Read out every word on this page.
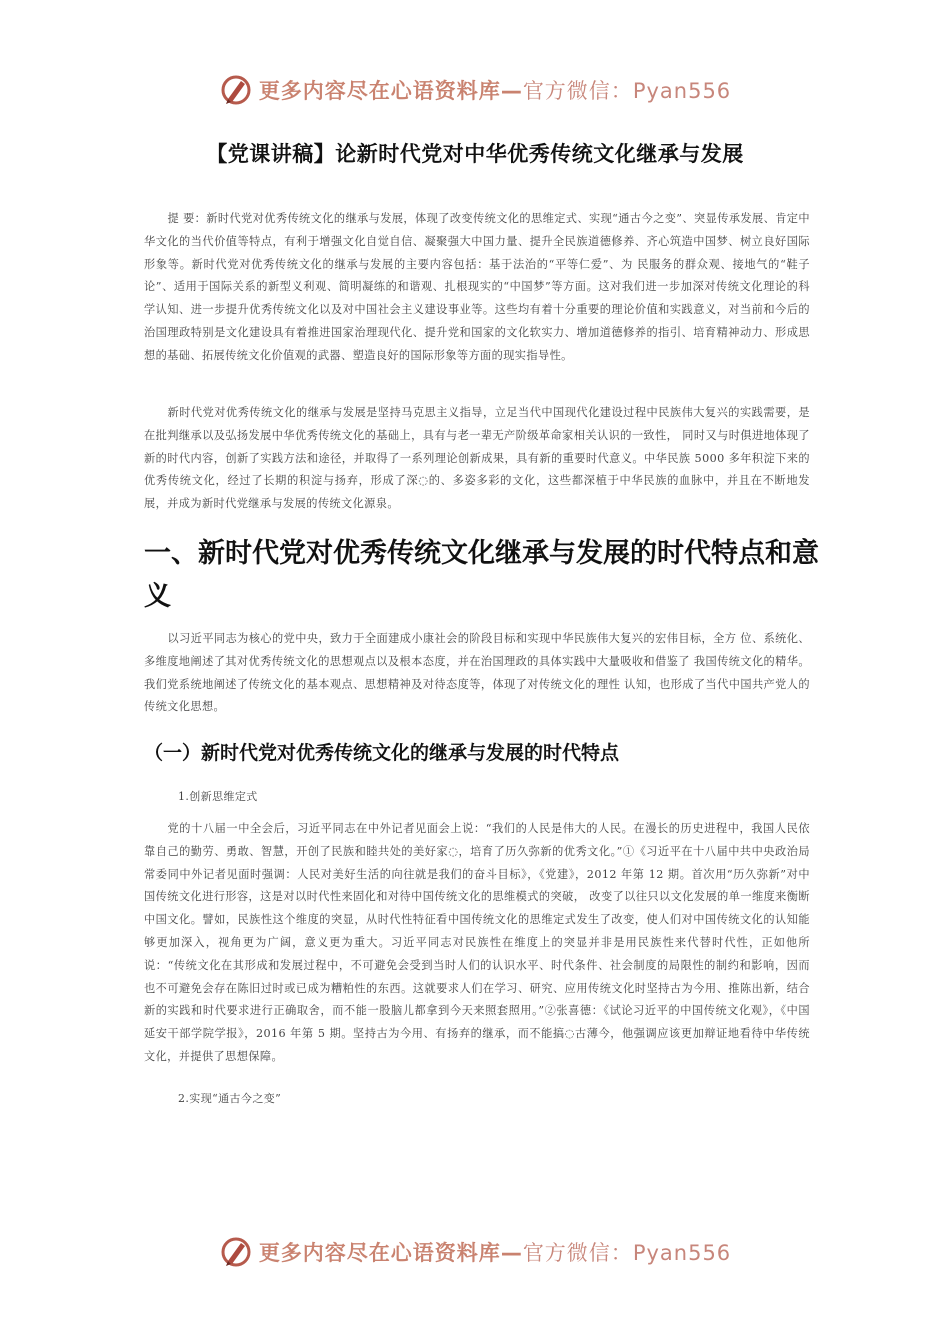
更多内容尽在心语资料库—官方微信：Pyan556
【党课讲稿】论新时代党对中华优秀传统文化继承与发展

提 要：新时代党对优秀传统文化的继承与发展，体现了改变传统文化的思维定式、实现“通古今之变”、突显传承发展、肯定中华文化的当代价值等特点，有利于增强文化自觉自信、凝聚强大中国力量、提升全民族道德修养、齐心筑造中国梦、树立良好国际形象等。新时代党对优秀传统文化的继承与发展的主要内容包括：基于法治的“平等仁爱”、为 民服务的群众观、接地气的“鞋子论”、适用于国际关系的新型义利观、简明凝练的和谐观、扎根现实的“中国梦”等方面。这对我们进一步加深对传统文化理论的科学认知、进一步提升优秀传统文化以及对中国社会主义建设事业等。这些均有着十分重要的理论价值和实践意义，对当前和今后的治国理政特别是文化建设具有着推进国家治理现代化、提升党和国家的文化软实力、增加道德修养的指引、培育精神动力、形成思想的基础、拓展传统文化价值观的武器、塑造良好的国际形象等方面的现实指导性。

新时代党对优秀传统文化的继承与发展是坚持马克思主义指导，立足当代中国现代化建设过程中民族伟大复兴的实践需要，是在批判继承以及弘扬发展中华优秀传统文化的基础上，具有与老一辈无产阶级革命家相关认识的一致性， 同时又与时俱进地体现了新的时代内容，创新了实践方法和途径，并取得了一系列理论创新成果，具有新的重要时代意义。中华民族 5000 多年积淀下来的优秀传统文化，经过了长期的积淀与扬弃，形成了深◌的、多姿多彩的文化，这些都深植于中华民族的血脉中，并且在不断地发展，并成为新时代党继承与发展的传统文化源泉。

一、新时代党对优秀传统文化继承与发展的时代特点和意义

以习近平同志为核心的党中央，致力于全面建成小康社会的阶段目标和实现中华民族伟大复兴的宏伟目标，全方 位、系统化、多维度地阐述了其对优秀传统文化的思想观点以及根本态度，并在治国理政的具体实践中大量吸收和借鉴了 我国传统文化的精华。我们党系统地阐述了传统文化的基本观点、思想精神及对待态度等，体现了对传统文化的理性 认知，也形成了当代中国共产党人的传统文化思想。

（一）新时代党对优秀传统文化的继承与发展的时代特点

1.创新思维定式

党的十八届一中全会后，习近平同志在中外记者见面会上说：“我们的人民是伟大的人民。在漫长的历史进程中，我国人民依靠自己的勤劳、勇敢、智慧，开创了民族和睦共处的美好家◌，培育了历久弥新的优秀文化。”①《习近平在十八届中共中央政治局常委同中外记者见面时强调：人民对美好生活的向往就是我们的奋斗目标》，《党建》，2012 年第 12 期。首次用“历久弥新”对中国传统文化进行形容，这是对以时代性来固化和对待中国传统文化的思维模式的突破， 改变了以往只以文化发展的单一维度来衡断中国文化。譬如，民族性这个维度的突显，从时代性特征看中国传统文化的思维定式发生了改变，使人们对中国传统文化的认知能够更加深入，视角更为广阔，意义更为重大。习近平同志对民族性在维度上的突显并非是用民族性来代替时代性，正如他所说：“传统文化在其形成和发展过程中，不可避免会受到当时人们的认识水平、时代条件、社会制度的局限性的制约和影响，因而也不可避免会存在陈旧过时或已成为糟粕性的东西。这就要求人们在学习、研究、应用传统文化时坚持古为今用、推陈出新，结合新的实践和时代要求进行正确取舍，而不能一股脑儿都拿到今天来照套照用。”②张喜德：《试论习近平的中国传统文化观》，《中国延安干部学院学报》，2016 年第 5 期。坚持古为今用、有扬弃的继承，而不能搞◌古薄今，他强调应该更加辩证地看待中华传统文化，并提供了思想保障。

2.实现“通古今之变”

更多内容尽在心语资料库—官方微信：Pyan556
